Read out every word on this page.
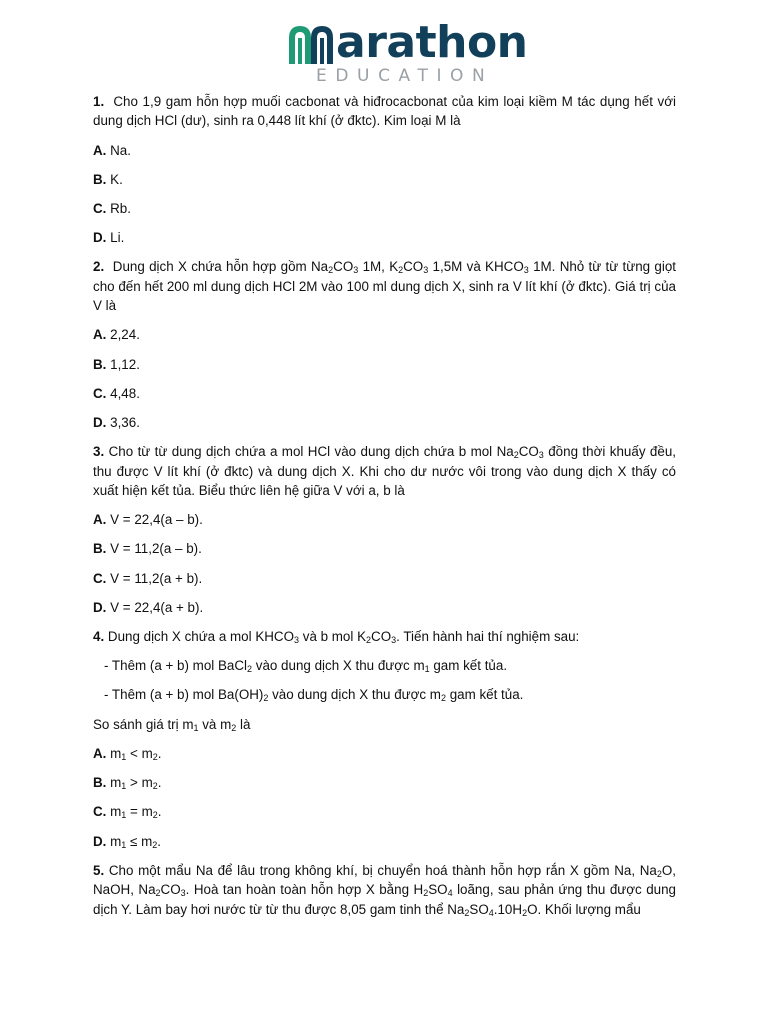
arathon
EDUCATION

1. Cho 1,9 gam hỗn hợp muối cacbonat và hiđrocacbonat của kim loại kiềm M tác dụng hết với dung dịch HCl (dư), sinh ra 0,448 lít khí (ở đktc). Kim loại M là

A. Na.

B. K.

C. Rb.

D. Li.

2. Dung dịch X chứa hỗn hợp gồm $Na_2CO_3$ 1M, $K_2CO_3$ 1,5M và $KHCO_3$ 1M. Nhỏ từ từ từng giọt cho đến hết 200 ml dung dịch HCl 2M vào 100 ml dung dịch X, sinh ra V lít khí (ở đktc). Giá trị của V là

A. 2,24.

B. 1,12.

C. 4,48.

D. 3,36.

3. Cho từ từ dung dịch chứa a mol HCl vào dung dịch chứa b mol $Na_2CO_3$ đồng thời khuấy đều, thu được V lít khí (ở đktc) và dung dịch X. Khi cho dư nước vôi trong vào dung dịch X thấy có xuất hiện kết tủa. Biểu thức liên hệ giữa V với a, b là

A. V = 22,4(a – b).

B. V = 11,2(a – b).

C. V = 11,2(a + b).

D. V = 22,4(a + b).

4. Dung dịch X chứa a mol $KHCO_3$ và b mol $K_2CO_3$. Tiến hành hai thí nghiệm sau:

- Thêm (a + b) mol BaCl$_2$ vào dung dịch X thu được $m_1$ gam kết tủa.

- Thêm (a + b) mol $Ba(OH)_2$ vào dung dịch X thu được $m_2$ gam kết tủa.

So sánh giá trị $m_1$ và $m_2$ là

A. $m_1 < m_2$.

B. $m_1 > m_2$.

C. $m_1 = m_2$.

D. $m_1 \le m_2$.

5. Cho một mẩu Na để lâu trong không khí, bị chuyển hoá thành hỗn hợp rắn X gồm Na, $Na_2O$, NaOH, $Na_2CO_3$. Hoà tan hoàn toàn hỗn hợp X bằng $H_2SO_4$ loãng, sau phản ứng thu được dung dịch Y. Làm bay hơi nước từ từ thu được 8,05 gam tinh thể $Na_2SO_4.10H_2O$. Khối lượng mẩu
